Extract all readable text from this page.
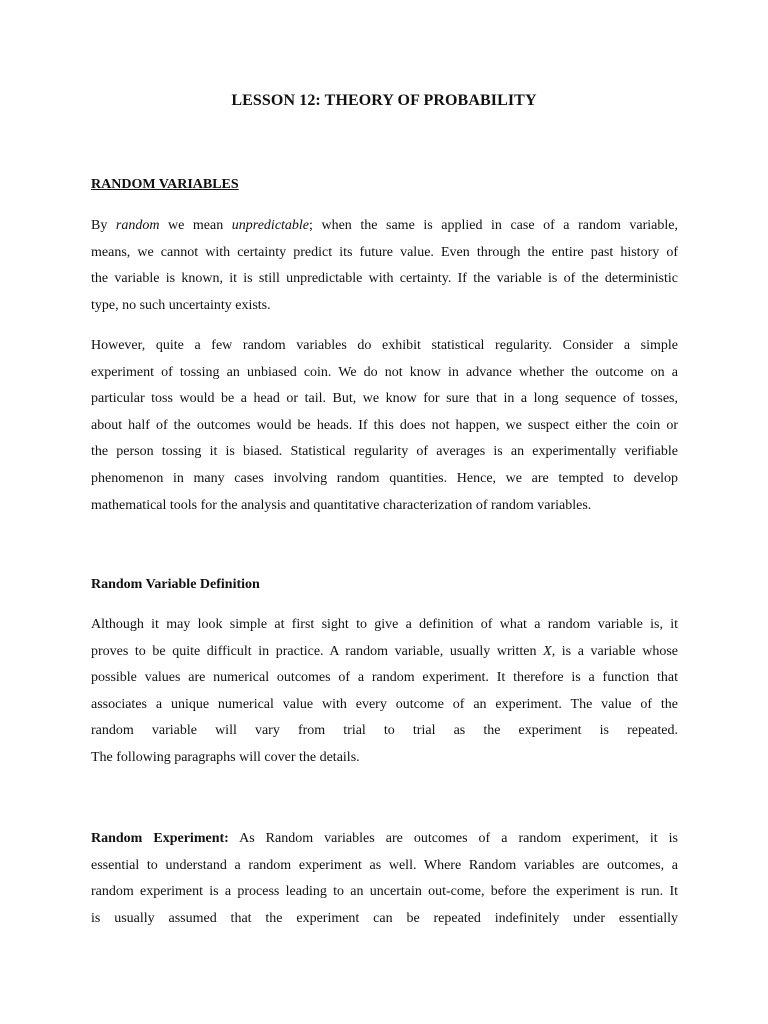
LESSON 12: THEORY OF PROBABILITY
RANDOM VARIABLES
By random we mean unpredictable; when the same is applied in case of a random variable,
means, we cannot with certainty predict its future value. Even through the entire past history of
the variable is known, it is still unpredictable with certainty. If the variable is of the deterministic
type, no such uncertainty exists.
However, quite a few random variables do exhibit statistical regularity. Consider a simple
experiment of tossing an unbiased coin. We do not know in advance whether the outcome on a
particular toss would be a head or tail. But, we know for sure that in a long sequence of tosses,
about half of the outcomes would be heads. If this does not happen, we suspect either the coin or
the person tossing it is biased. Statistical regularity of averages is an experimentally verifiable
phenomenon in many cases involving random quantities. Hence, we are tempted to develop
mathematical tools for the analysis and quantitative characterization of random variables.
Random Variable Definition
Although it may look simple at first sight to give a definition of what a random variable is, it
proves to be quite difficult in practice. A random variable, usually written X, is a variable whose
possible values are numerical outcomes of a random experiment. It therefore is a function that
associates a unique numerical value with every outcome of an experiment. The value of the
random variable will vary from trial to trial as the experiment is repeated.
The following paragraphs will cover the details.
Random Experiment: As Random variables are outcomes of a random experiment, it is
essential to understand a random experiment as well. Where Random variables are outcomes, a
random experiment is a process leading to an uncertain out-come, before the experiment is run. It
is usually assumed that the experiment can be repeated indefinitely under essentially
